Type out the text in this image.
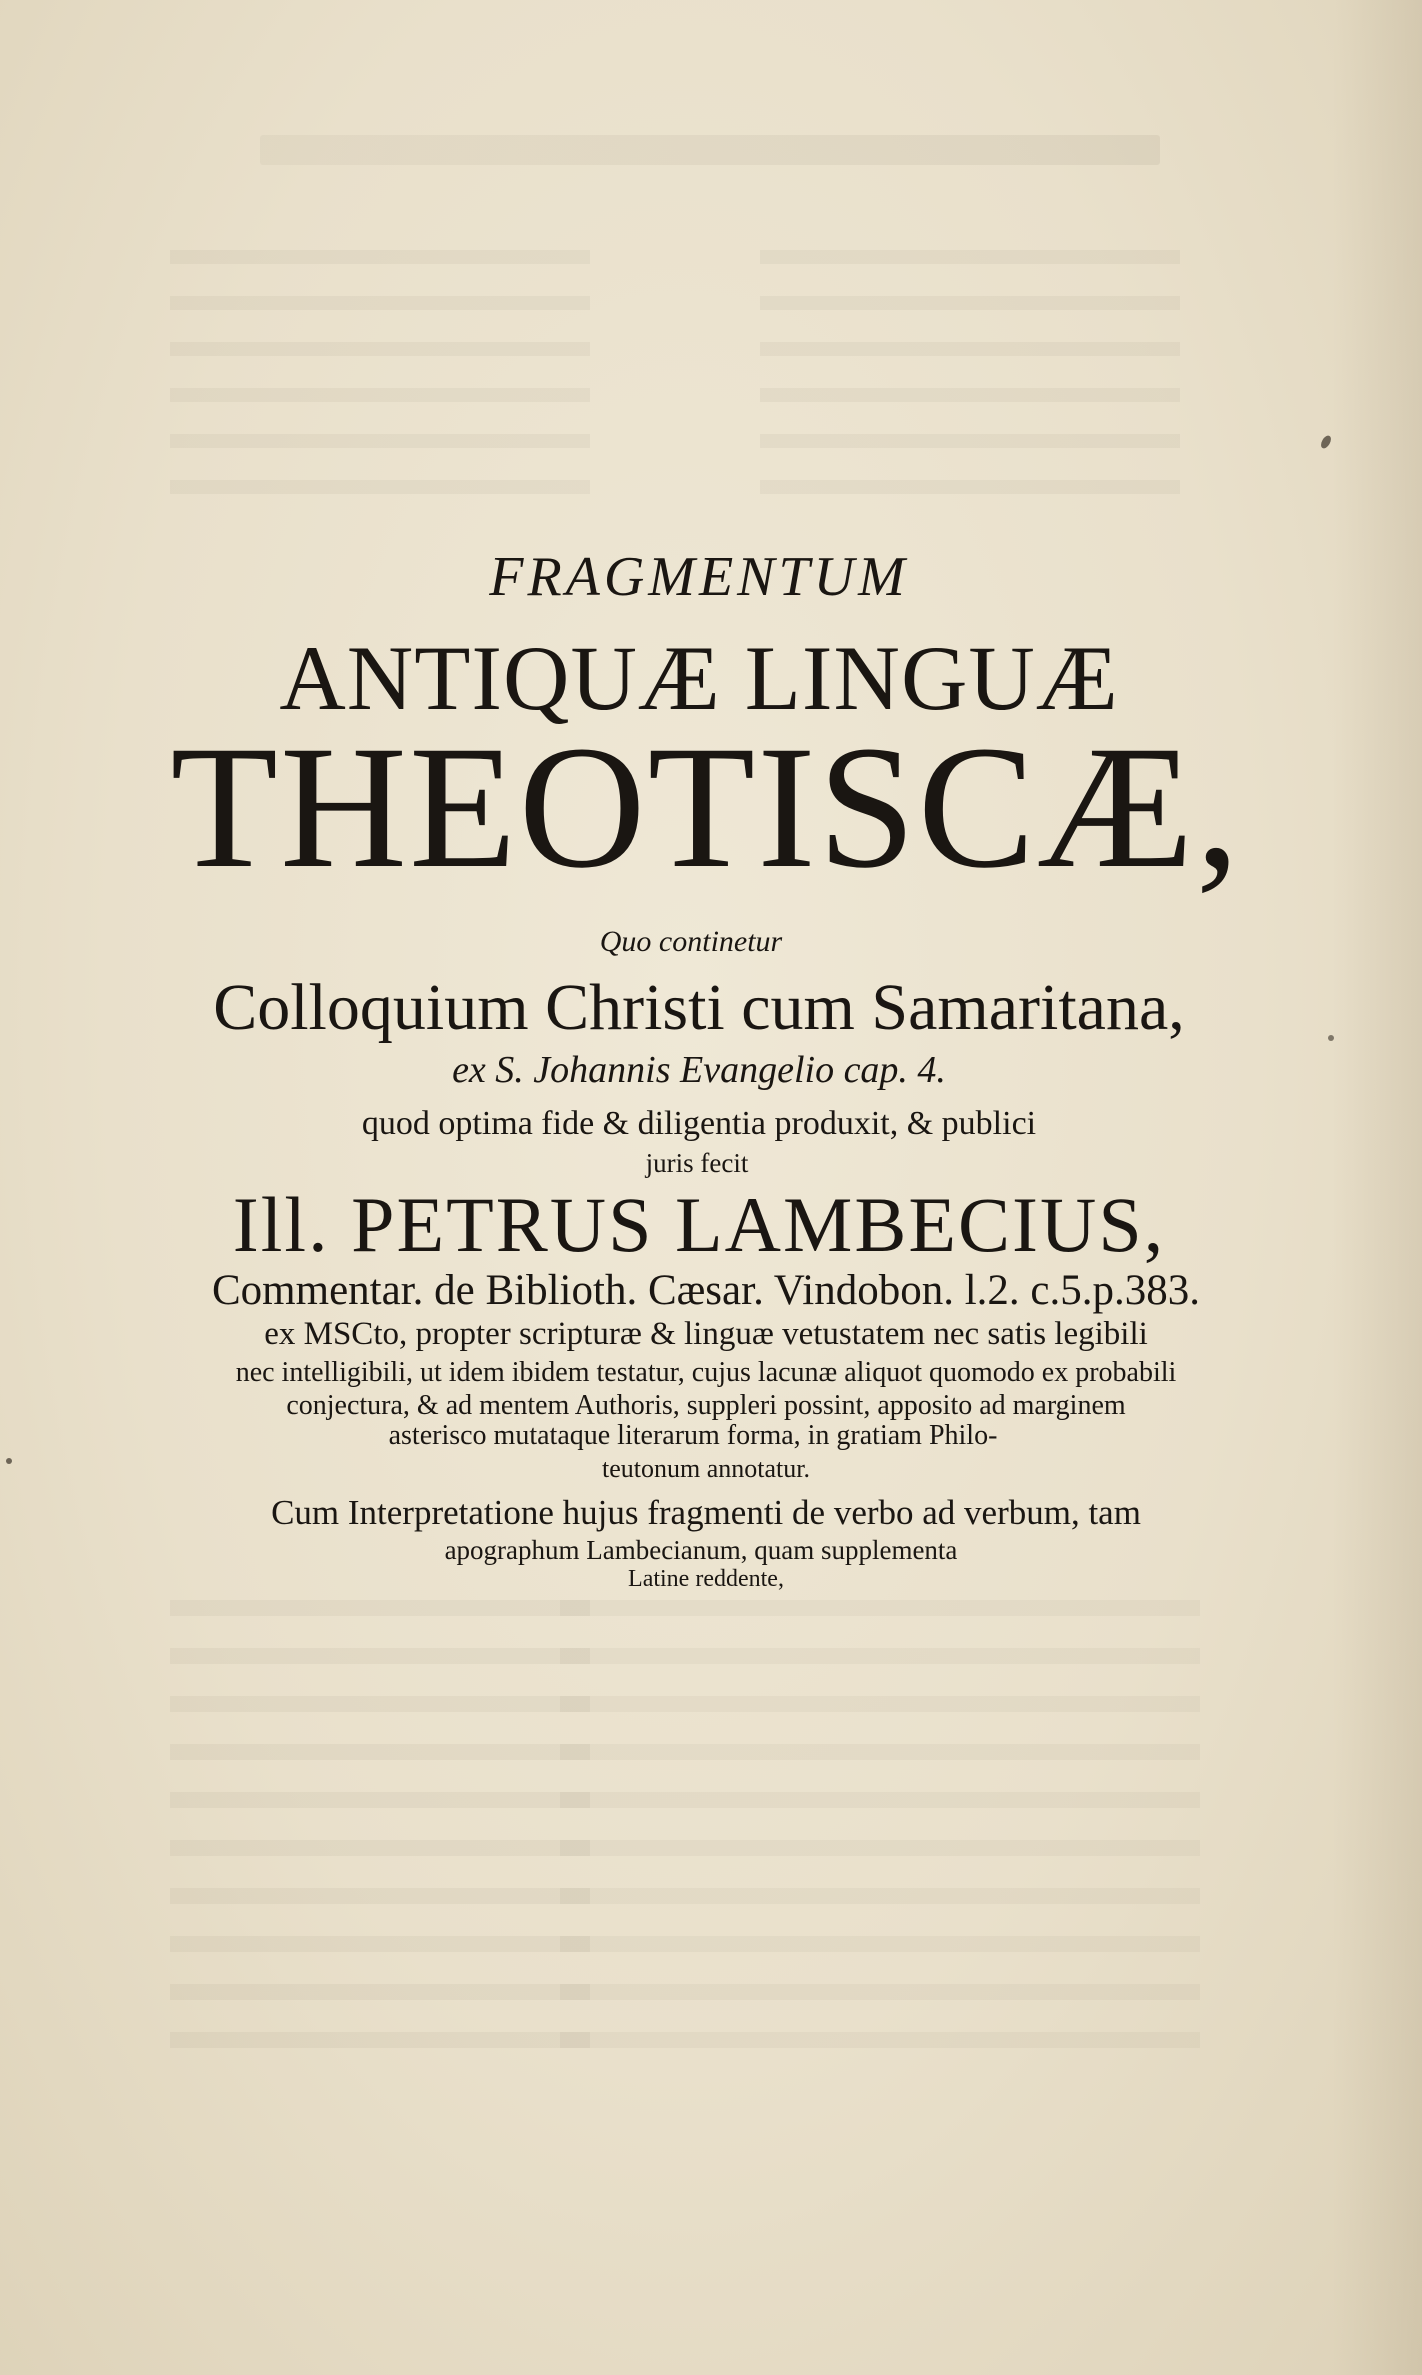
FRAGMENTUM
ANTIQUÆ LINGUÆ
THEOTISCÆ,
Quo continetur
Colloquium Christi cum Samaritana,
ex S. Johannis Evangelio cap. 4.
quod optima fide & diligentia produxit, & publici
juris fecit
Ill. PETRUS LAMBECIUS,
Commentar. de Biblioth. Cæsar. Vindobon. l.2. c.5.p.383.
ex MSCto, propter scripturæ & linguæ vetustatem nec satis legibili
nec intelligibili, ut idem ibidem testatur, cujus lacunæ aliquot quomodo ex probabili
conjectura, & ad mentem Authoris, suppleri possint, apposito ad marginem
asterisco mutataque literarum forma, in gratiam Philo-
teutonum annotatur.
Cum Interpretatione hujus fragmenti de verbo ad verbum, tam
apographum Lambecianum, quam supplementa
Latine reddente,
